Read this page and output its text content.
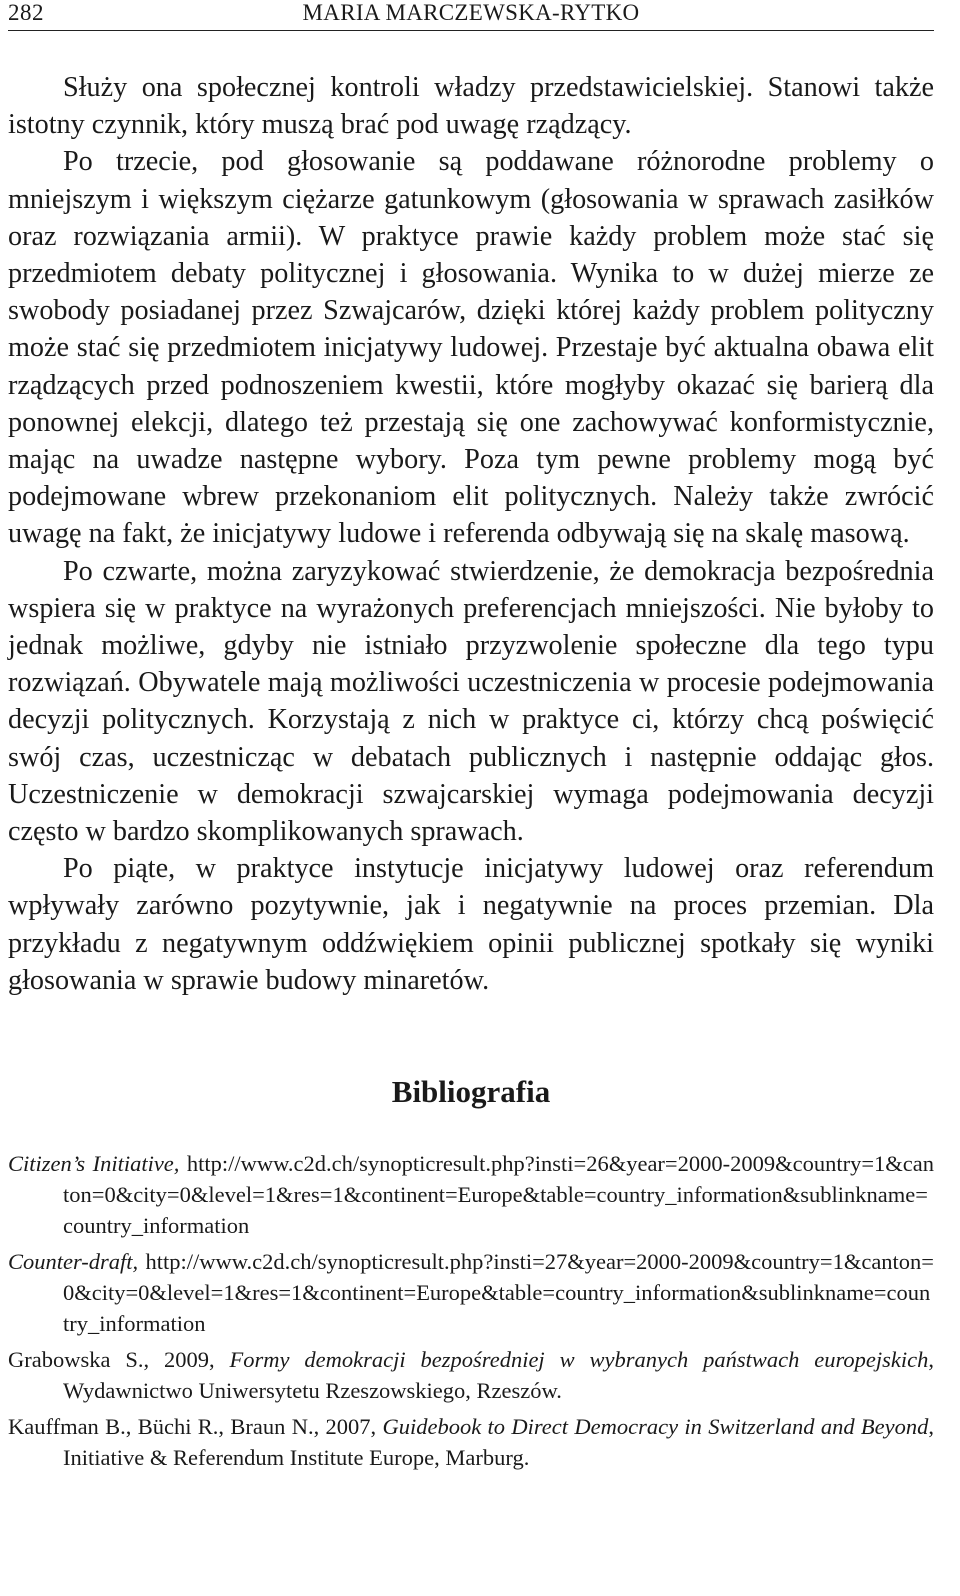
282	MARIA MARCZEWSKA-RYTKO

Służy ona społecznej kontroli władzy przedstawicielskiej. Stanowi także istotny czynnik, który muszą brać pod uwagę rządzący.

Po trzecie, pod głosowanie są poddawane różnorodne problemy o mniejszym i większym ciężarze gatunkowym (głosowania w sprawach zasiłków oraz rozwiązania armii). W praktyce prawie każdy problem może stać się przedmiotem debaty politycznej i głosowania. Wynika to w dużej mierze ze swobody posiadanej przez Szwajcarów, dzięki której każdy problem polityczny może stać się przedmiotem inicjatywy ludowej. Przestaje być aktualna obawa elit rządzących przed podnoszeniem kwestii, które mogłyby okazać się barierą dla ponownej elekcji, dlatego też przestają się one zachowywać konformistycznie, mając na uwadze następne wybory. Poza tym pewne problemy mogą być podejmowane wbrew przekonaniom elit politycznych. Należy także zwrócić uwagę na fakt, że inicjatywy ludowe i referenda odbywają się na skalę masową.

Po czwarte, można zaryzykować stwierdzenie, że demokracja bezpośrednia wspiera się w praktyce na wyrażonych preferencjach mniejszości. Nie byłoby to jednak możliwe, gdyby nie istniało przyzwolenie społeczne dla tego typu rozwiązań. Obywatele mają możliwości uczestniczenia w procesie podejmowania decyzji politycznych. Korzystają z nich w praktyce ci, którzy chcą poświęcić swój czas, uczestnicząc w debatach publicznych i następnie oddając głos. Uczestniczenie w demokracji szwajcarskiej wymaga podejmowania decyzji często w bardzo skomplikowanych sprawach.

Po piąte, w praktyce instytucje inicjatywy ludowej oraz referendum wpływały zarówno pozytywnie, jak i negatywnie na proces przemian. Dla przykładu z negatywnym oddźwiękiem opinii publicznej spotkały się wyniki głosowania w sprawie budowy minaretów.

Bibliografia
Citizen’s Initiative, http://www.c2d.ch/synopticresult.php?insti=26&year=2000-2009&country=1&canton=0&city=0&level=1&res=1&continent=Europe&table=country_information&sublinkname=country_information
Counter-draft, http://www.c2d.ch/synopticresult.php?insti=27&year=2000-2009&country=1&canton=0&city=0&level=1&res=1&continent=Europe&table=country_information&sublinkname=country_information
Grabowska S., 2009, Formy demokracji bezpośredniej w wybranych państwach europejskich, Wydawnictwo Uniwersytetu Rzeszowskiego, Rzeszów.
Kauffman B., Büchi R., Braun N., 2007, Guidebook to Direct Democracy in Switzerland and Beyond, Initiative & Referendum Institute Europe, Marburg.
